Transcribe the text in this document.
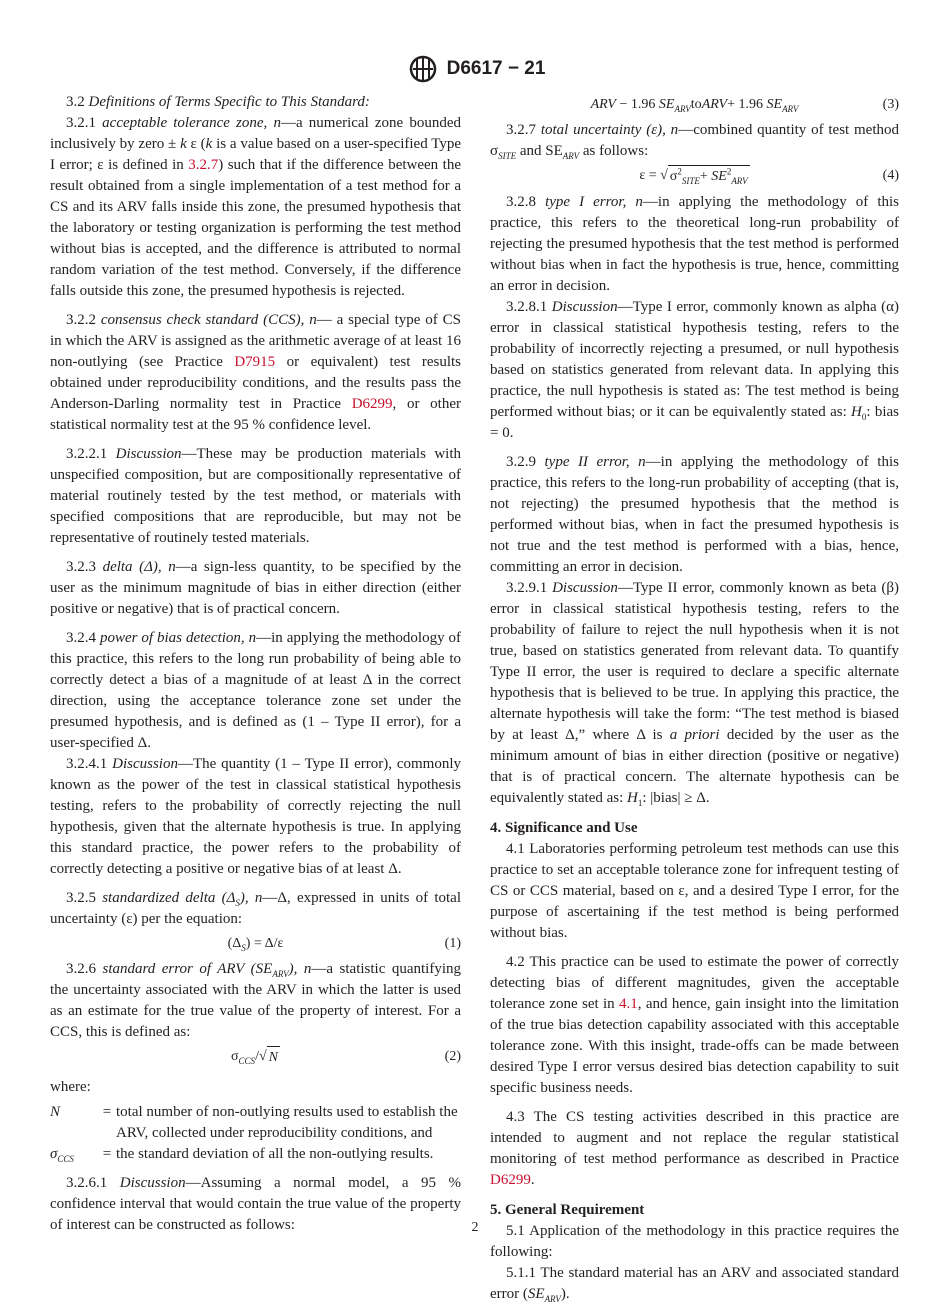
D6617 − 21

3.2 Definitions of Terms Specific to This Standard:

3.2.1 acceptable tolerance zone, n—a numerical zone bounded inclusively by zero ± k ε (k is a value based on a user-specified Type I error; ε is defined in 3.2.7) such that if the difference between the result obtained from a single implementation of a test method for a CS and its ARV falls inside this zone, the presumed hypothesis that the laboratory or testing organization is performing the test method without bias is accepted, and the difference is attributed to normal random variation of the test method. Conversely, if the difference falls outside this zone, the presumed hypothesis is rejected.

3.2.2 consensus check standard (CCS), n— a special type of CS in which the ARV is assigned as the arithmetic average of at least 16 non-outlying (see Practice D7915 or equivalent) test results obtained under reproducibility conditions, and the results pass the Anderson-Darling normality test in Practice D6299, or other statistical normality test at the 95 % confidence level.

3.2.2.1 Discussion—These may be production materials with unspecified composition, but are compositionally representative of material routinely tested by the test method, or materials with specified compositions that are reproducible, but may not be representative of routinely tested materials.

3.2.3 delta (Δ), n—a sign-less quantity, to be specified by the user as the minimum magnitude of bias in either direction (either positive or negative) that is of practical concern.

3.2.4 power of bias detection, n—in applying the methodology of this practice, this refers to the long run probability of being able to correctly detect a bias of a magnitude of at least Δ in the correct direction, using the acceptance tolerance zone set under the presumed hypothesis, and is defined as (1 – Type II error), for a user-specified Δ.

3.2.4.1 Discussion—The quantity (1 – Type II error), commonly known as the power of the test in classical statistical hypothesis testing, refers to the probability of correctly rejecting the null hypothesis, given that the alternate hypothesis is true. In applying this standard practice, the power refers to the probability of correctly detecting a positive or negative bias of at least Δ.

3.2.5 standardized delta $(\Delta_S)$, n—Δ, expressed in units of total uncertainty (ε) per the equation:

$(\Delta_S) = \Delta/\varepsilon$	(1)

3.2.6 standard error of ARV $(SE_{ARV})$, n—a statistic quantifying the uncertainty associated with the ARV in which the latter is used as an estimate for the true value of the property of interest. For a CCS, this is defined as:

$\sigma_{CCS}/√$ N	(2)

where:

N	= total number of non-outlying results used to establish the ARV, collected under reproducibility conditions, and
$\sigma_{CCS}$	= the standard deviation of all the non-outlying results.

3.2.6.1 Discussion—Assuming a normal model, a 95 % confidence interval that would contain the true value of the property of interest can be constructed as follows:

ARV − 1.96 $SE_{ARV}toARV+ 1.96$ $SE_{ARV}$	(3)

3.2.7 total uncertainty (ε), n—combined quantity of test method $\sigma_{SITE}$ and $SE_{ARV}$ as follows:

ε = √ $\sigma^2_{SITE}+ SE^2_{ARV}$	(4)

3.2.8 type I error, n—in applying the methodology of this practice, this refers to the theoretical long-run probability of rejecting the presumed hypothesis that the test method is performed without bias when in fact the hypothesis is true, hence, committing an error in decision.

3.2.8.1 Discussion—Type I error, commonly known as alpha (α) error in classical statistical hypothesis testing, refers to the probability of incorrectly rejecting a presumed, or null hypothesis based on statistics generated from relevant data. In applying this practice, the null hypothesis is stated as: The test method is being performed without bias; or it can be equivalently stated as: $H_0$: bias = 0.

3.2.9 type II error, n—in applying the methodology of this practice, this refers to the long-run probability of accepting (that is, not rejecting) the presumed hypothesis that the method is performed without bias, when in fact the presumed hypothesis is not true and the test method is performed with a bias, hence, committing an error in decision.

3.2.9.1 Discussion—Type II error, commonly known as beta (β) error in classical statistical hypothesis testing, refers to the probability of failure to reject the null hypothesis when it is not true, based on statistics generated from relevant data. To quantify Type II error, the user is required to declare a specific alternate hypothesis that is believed to be true. In applying this practice, the alternate hypothesis will take the form: “The test method is biased by at least Δ,” where Δ is a priori decided by the user as the minimum amount of bias in either direction (positive or negative) that is of practical concern. The alternate hypothesis can be equivalently stated as: $H_1$: |bias| ≥ Δ.

4. Significance and Use

4.1 Laboratories performing petroleum test methods can use this practice to set an acceptable tolerance zone for infrequent testing of CS or CCS material, based on ε, and a desired Type I error, for the purpose of ascertaining if the test method is being performed without bias.

4.2 This practice can be used to estimate the power of correctly detecting bias of different magnitudes, given the acceptable tolerance zone set in 4.1, and hence, gain insight into the limitation of the true bias detection capability associated with this acceptable tolerance zone. With this insight, trade-offs can be made between desired Type I error versus desired bias detection capability to suit specific business needs.

4.3 The CS testing activities described in this practice are intended to augment and not replace the regular statistical monitoring of test method performance as described in Practice D6299.

5. General Requirement

5.1 Application of the methodology in this practice requires the following:

5.1.1 The standard material has an ARV and associated standard error $(SE_{ARV})$.

2
